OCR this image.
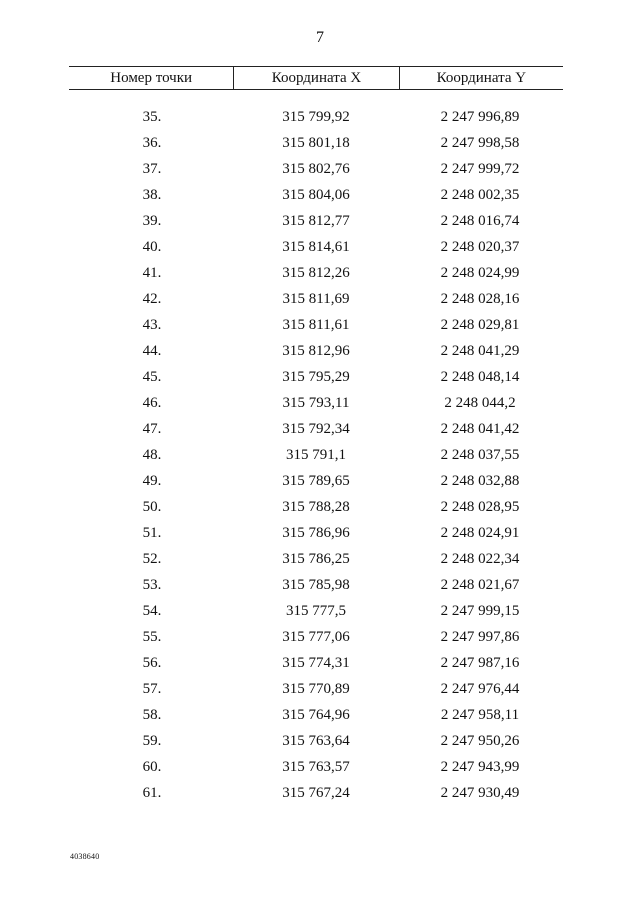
7
Номер точки	Координата X	Координата Y
35.	315 799,92	2 247 996,89
36.	315 801,18	2 247 998,58
37.	315 802,76	2 247 999,72
38.	315 804,06	2 248 002,35
39.	315 812,77	2 248 016,74
40.	315 814,61	2 248 020,37
41.	315 812,26	2 248 024,99
42.	315 811,69	2 248 028,16
43.	315 811,61	2 248 029,81
44.	315 812,96	2 248 041,29
45.	315 795,29	2 248 048,14
46.	315 793,11	2 248 044,2
47.	315 792,34	2 248 041,42
48.	315 791,1	2 248 037,55
49.	315 789,65	2 248 032,88
50.	315 788,28	2 248 028,95
51.	315 786,96	2 248 024,91
52.	315 786,25	2 248 022,34
53.	315 785,98	2 248 021,67
54.	315 777,5	2 247 999,15
55.	315 777,06	2 247 997,86
56.	315 774,31	2 247 987,16
57.	315 770,89	2 247 976,44
58.	315 764,96	2 247 958,11
59.	315 763,64	2 247 950,26
60.	315 763,57	2 247 943,99
61.	315 767,24	2 247 930,49
4038640
